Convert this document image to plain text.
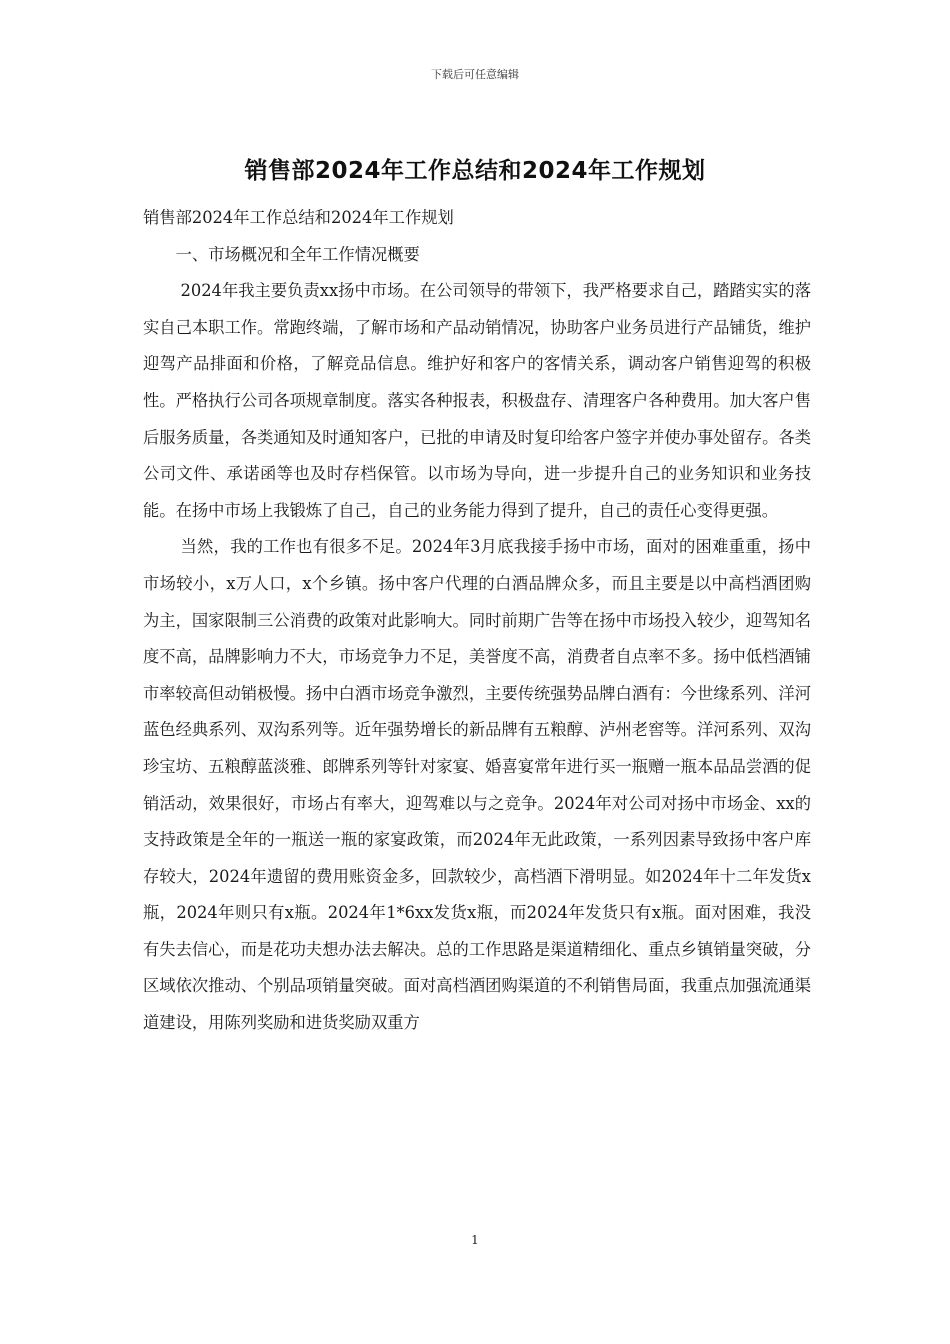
下载后可任意编辑
销售部2024年工作总结和2024年工作规划

销售部2024年工作总结和2024年工作规划

一、市场概况和全年工作情况概要

2024年我主要负责xx扬中市场。在公司领导的带领下，我严格要求自己，踏踏实实的落实自己本职工作。常跑终端，了解市场和产品动销情况，协助客户业务员进行产品铺货，维护迎驾产品排面和价格，了解竞品信息。维护好和客户的客情关系，调动客户销售迎驾的积极性。严格执行公司各项规章制度。落实各种报表，积极盘存、清理客户各种费用。加大客户售后服务质量，各类通知及时通知客户，已批的申请及时复印给客户签字并使办事处留存。各类公司文件、承诺函等也及时存档保管。以市场为导向，进一步提升自己的业务知识和业务技能。在扬中市场上我锻炼了自己，自己的业务能力得到了提升，自己的责任心变得更强。

当然，我的工作也有很多不足。2024年3月底我接手扬中市场，面对的困难重重，扬中市场较小，x万人口，x个乡镇。扬中客户代理的白酒品牌众多，而且主要是以中高档酒团购为主，国家限制三公消费的政策对此影响大。同时前期广告等在扬中市场投入较少，迎驾知名度不高，品牌影响力不大，市场竞争力不足，美誉度不高，消费者自点率不多。扬中低档酒铺市率较高但动销极慢。扬中白酒市场竞争激烈，主要传统强势品牌白酒有：今世缘系列、洋河蓝色经典系列、双沟系列等。近年强势增长的新品牌有五粮醇、泸州老窖等。洋河系列、双沟珍宝坊、五粮醇蓝淡雅、郎牌系列等针对家宴、婚喜宴常年进行买一瓶赠一瓶本品品尝酒的促销活动，效果很好，市场占有率大，迎驾难以与之竞争。2024年对公司对扬中市场金、xx的支持政策是全年的一瓶送一瓶的家宴政策，而2024年无此政策，一系列因素导致扬中客户库存较大，2024年遗留的费用账资金多，回款较少，高档酒下滑明显。如2024年十二年发货x瓶，2024年则只有x瓶。2024年1*6xx发货x瓶，而2024年发货只有x瓶。面对困难，我没有失去信心，而是花功夫想办法去解决。总的工作思路是渠道精细化、重点乡镇销量突破，分区域依次推动、个别品项销量突破。面对高档酒团购渠道的不利销售局面，我重点加强流通渠道建设，用陈列奖励和进货奖励双重方

1
